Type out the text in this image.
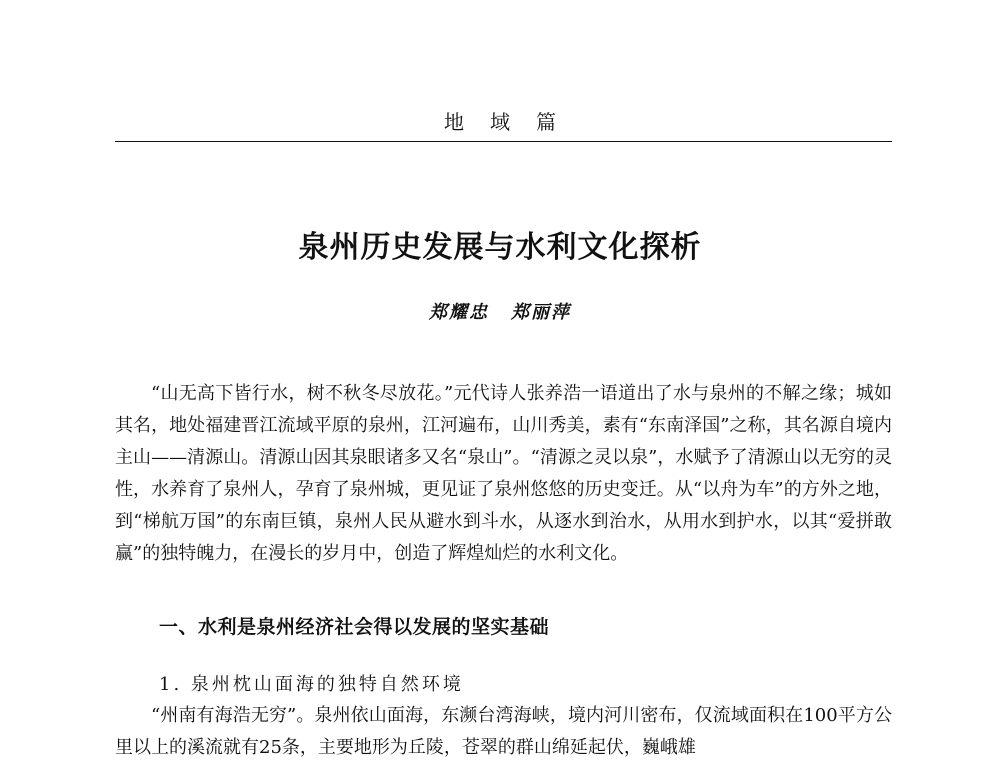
地域篇
泉州历史发展与水利文化探析
郑耀忠 郑丽萍

“山无高下皆行水，树不秋冬尽放花。”元代诗人张养浩一语道出了水与泉州的不解之缘；城如其名，地处福建晋江流域平原的泉州，江河遍布，山川秀美，素有“东南泽国”之称，其名源自境内主山——清源山。清源山因其泉眼诸多又名“泉山”。“清源之灵以泉”，水赋予了清源山以无穷的灵性，水养育了泉州人，孕育了泉州城，更见证了泉州悠悠的历史变迁。从“以舟为车”的方外之地，到“梯航万国”的东南巨镇，泉州人民从避水到斗水，从逐水到治水，从用水到护水，以其“爱拼敢赢”的独特魄力，在漫长的岁月中，创造了辉煌灿烂的水利文化。

一、水利是泉州经济社会得以发展的坚实基础
1. 泉州枕山面海的独特自然环境

“州南有海浩无穷”。泉州依山面海，东濒台湾海峡，境内河川密布，仅流域面积在100平方公里以上的溪流就有25条，主要地形为丘陵，苍翠的群山绵延起伏，巍峨雄
